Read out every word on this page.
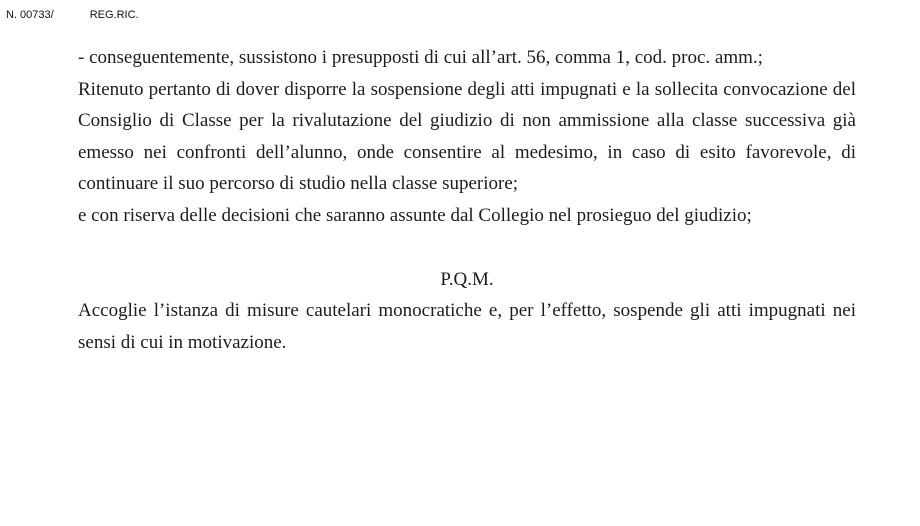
N. 00733/	REG.RIC.

- conseguentemente, sussistono i presupposti di cui all’art. 56, comma 1, cod. proc. amm.;

Ritenuto pertanto di dover disporre la sospensione degli atti impugnati e la sollecita convocazione del Consiglio di Classe per la rivalutazione del giudizio di non ammissione alla classe successiva già emesso nei confronti dell’alunno, onde consentire al medesimo, in caso di esito favorevole, di continuare il suo percorso di studio nella classe superiore;

e con riserva delle decisioni che saranno assunte dal Collegio nel prosieguo del giudizio;

P.Q.M.

Accoglie l’istanza di misure cautelari monocratiche e, per l’effetto, sospende gli atti impugnati nei sensi di cui in motivazione.
